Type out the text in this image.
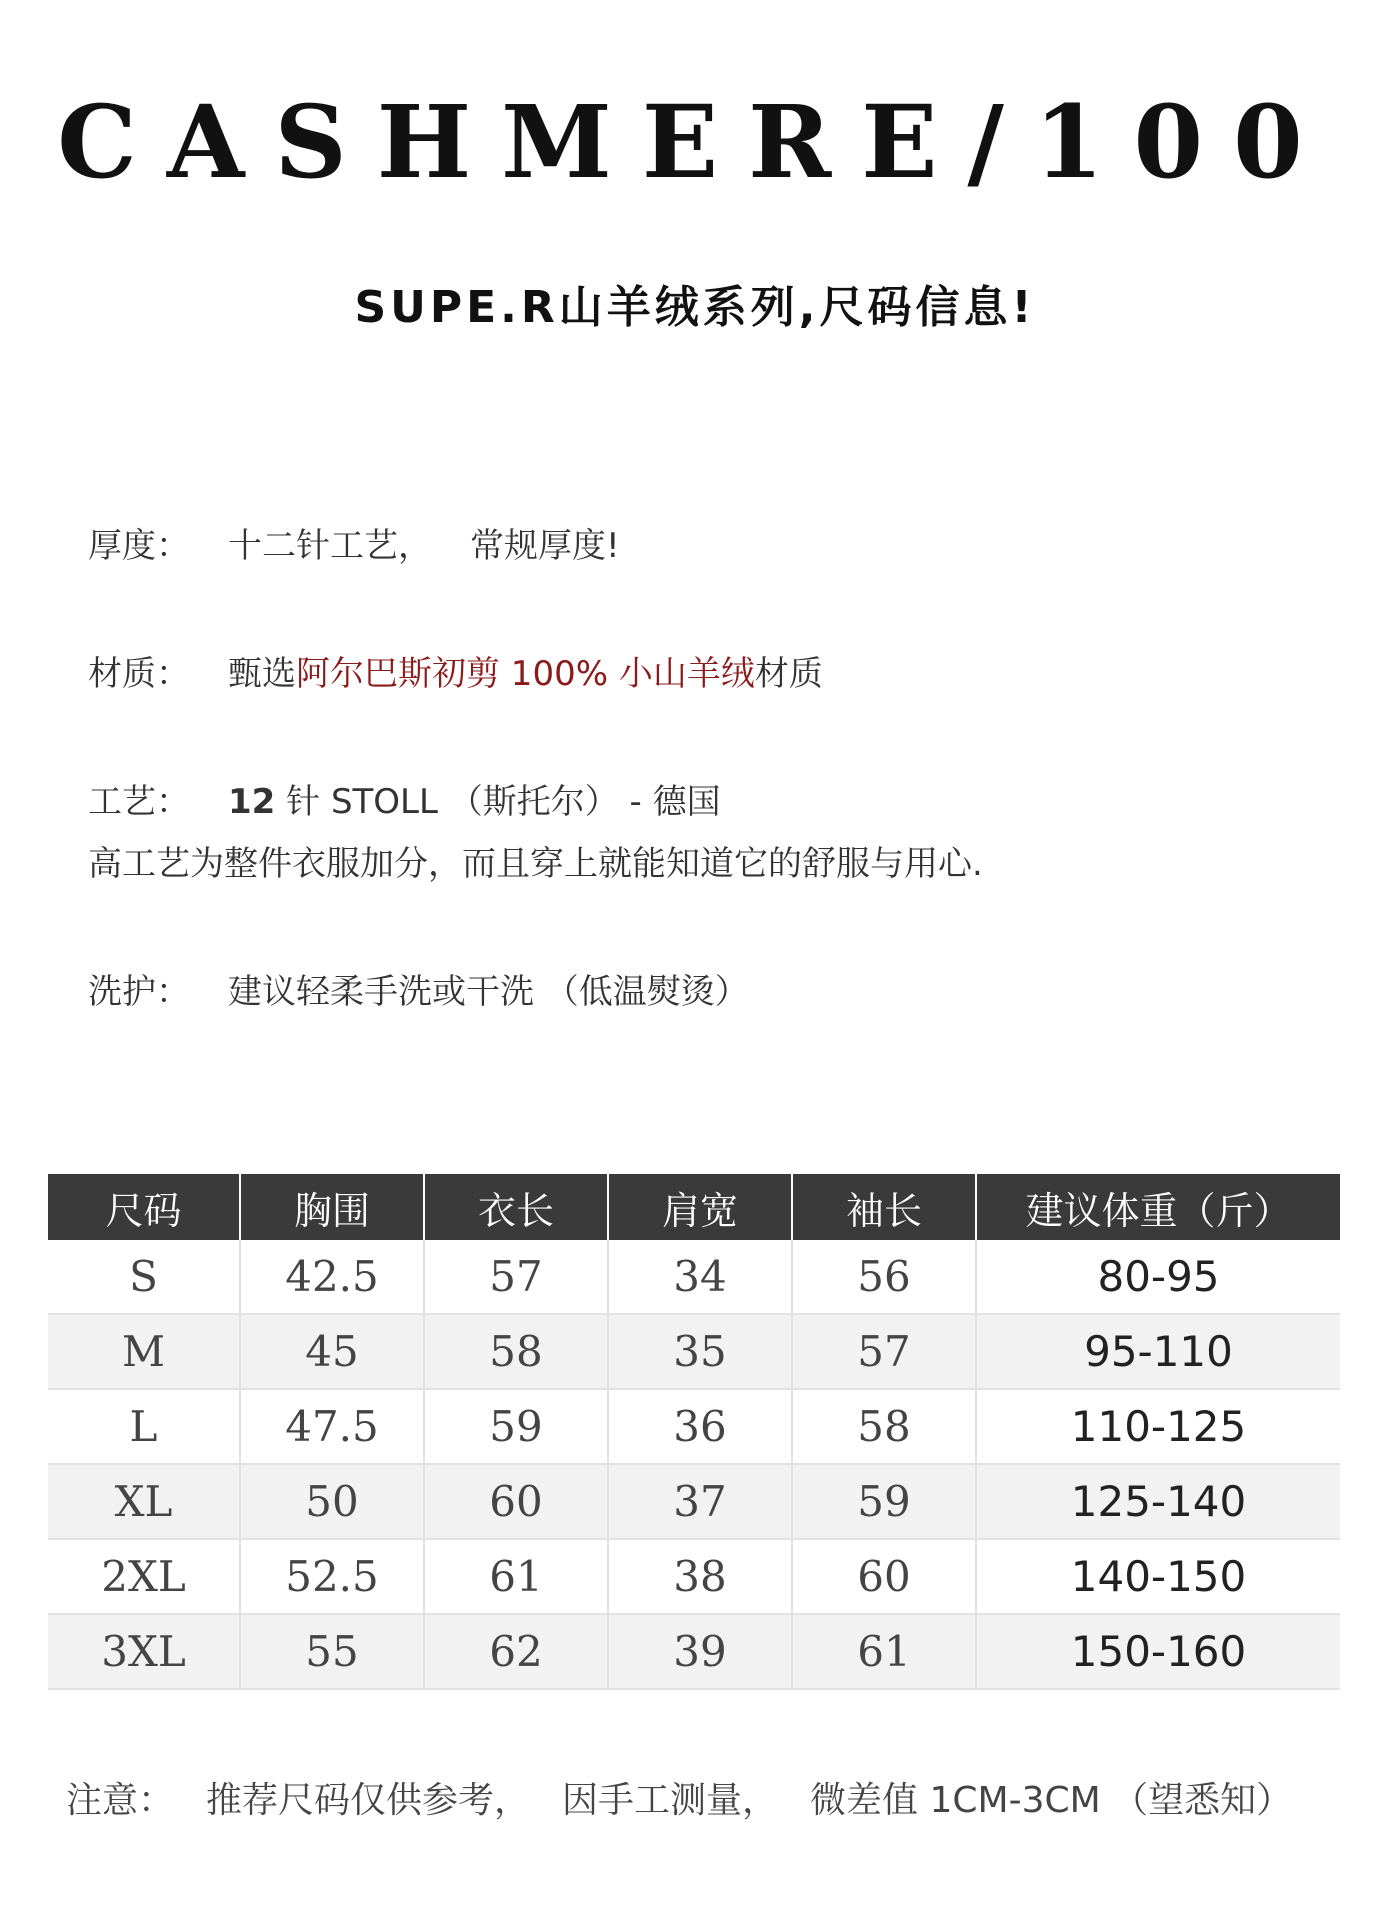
CASHMERE/100
SUPE.R山羊绒系列,尺码信息!
厚度： 十二针工艺， 常规厚度!
材质： 甄选阿尔巴斯初剪 100% 小山羊绒材质
工艺： 12 针 STOLL （斯托尔） - 德国
高工艺为整件衣服加分，而且穿上就能知道它的舒服与用心.
洗护： 建议轻柔手洗或干洗 （低温熨烫）
尺码	胸围	衣长	肩宽	袖长	建议体重（斤）
S	42.5	57	34	56	80-95
M	45	58	35	57	95-110
L	47.5	59	36	58	110-125
XL	50	60	37	59	125-140
2XL	52.5	61	38	60	140-150
3XL	55	62	39	61	150-160
注意： 推荐尺码仅供参考， 因手工测量， 微差值 1CM-3CM （望悉知）
